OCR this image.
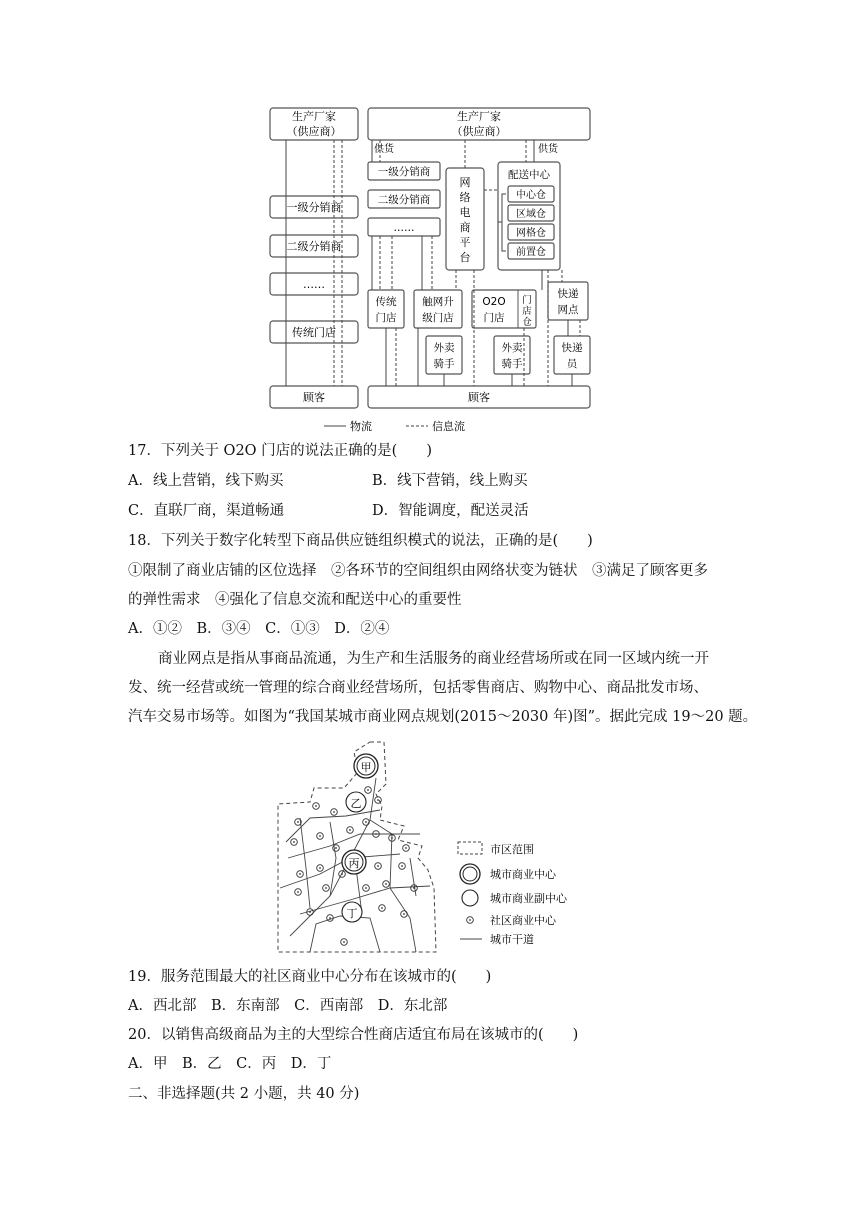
生产厂家
（供应商）
一级分销商
二级分销商
……
传统门店
顾客
生产厂家
（供应商）
供货	供货
一级分销商
二级分销商
……
网
络
电
商
平
台
配送中心
中心仓
区域仓
网格仓
前置仓
传统
门店
触网升
级门店
O2O
门店
门
店
仓
快递
网点
外卖
骑手
外卖
骑手
快递
员
顾客
物流	信息流
17．下列关于 O2O 门店的说法正确的是(　　)
A．线上营销，线下购买	B．线下营销，线上购买
C．直联厂商，渠道畅通	D．智能调度，配送灵活
18．下列关于数字化转型下商品供应链组织模式的说法，正确的是(　　)
①限制了商业店铺的区位选择　②各环节的空间组织由网络状变为链状　③满足了顾客更多
的弹性需求　④强化了信息交流和配送中心的重要性
A．①②　B．③④　C．①③　D．②④
商业网点是指从事商品流通，为生产和生活服务的商业经营场所或在同一区域内统一开
发、统一经营或统一管理的综合商业经营场所，包括零售商店、购物中心、商品批发市场、
汽车交易市场等。如图为“我国某城市商业网点规划(2015～2030 年)图”。据此完成 19～20 题。
甲
乙
丙
丁
市区范围
城市商业中心
城市商业副中心
社区商业中心
城市干道
19．服务范围最大的社区商业中心分布在该城市的(　　)
A．西北部　B．东南部　C．西南部　D．东北部
20．以销售高级商品为主的大型综合性商店适宜布局在该城市的(　　)
A．甲　B．乙　C．丙　D．丁
二、非选择题(共 2 小题，共 40 分)
